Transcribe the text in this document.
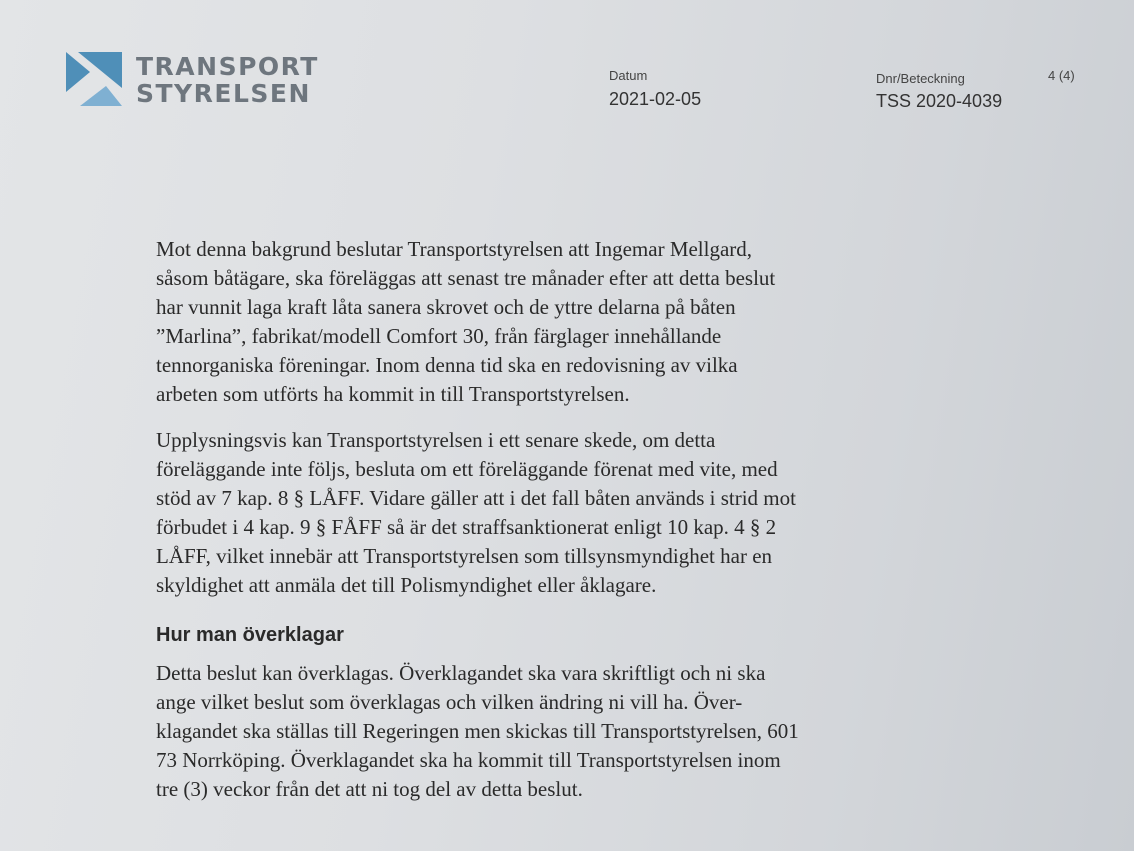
TRANSPORT
STYRELSEN
Datum
2021-02-05
Dnr/Beteckning
TSS 2020-4039
4 (4)
Mot denna bakgrund beslutar Transportstyrelsen att Ingemar Mellgard,
såsom båtägare, ska föreläggas att senast tre månader efter att detta beslut
har vunnit laga kraft låta sanera skrovet och de yttre delarna på båten
”Marlina”, fabrikat/modell Comfort 30, från färglager innehållande
tennorganiska föreningar. Inom denna tid ska en redovisning av vilka
arbeten som utförts ha kommit in till Transportstyrelsen.
Upplysningsvis kan Transportstyrelsen i ett senare skede, om detta
föreläggande inte följs, besluta om ett föreläggande förenat med vite, med
stöd av 7 kap. 8 § LÅFF. Vidare gäller att i det fall båten används i strid mot
förbudet i 4 kap. 9 § FÅFF så är det straffsanktionerat enligt 10 kap. 4 § 2
LÅFF, vilket innebär att Transportstyrelsen som tillsynsmyndighet har en
skyldighet att anmäla det till Polismyndighet eller åklagare.
Hur man överklagar
Detta beslut kan överklagas. Överklagandet ska vara skriftligt och ni ska
ange vilket beslut som överklagas och vilken ändring ni vill ha. Över-
klagandet ska ställas till Regeringen men skickas till Transportstyrelsen, 601
73 Norrköping. Överklagandet ska ha kommit till Transportstyrelsen inom
tre (3) veckor från det att ni tog del av detta beslut.
